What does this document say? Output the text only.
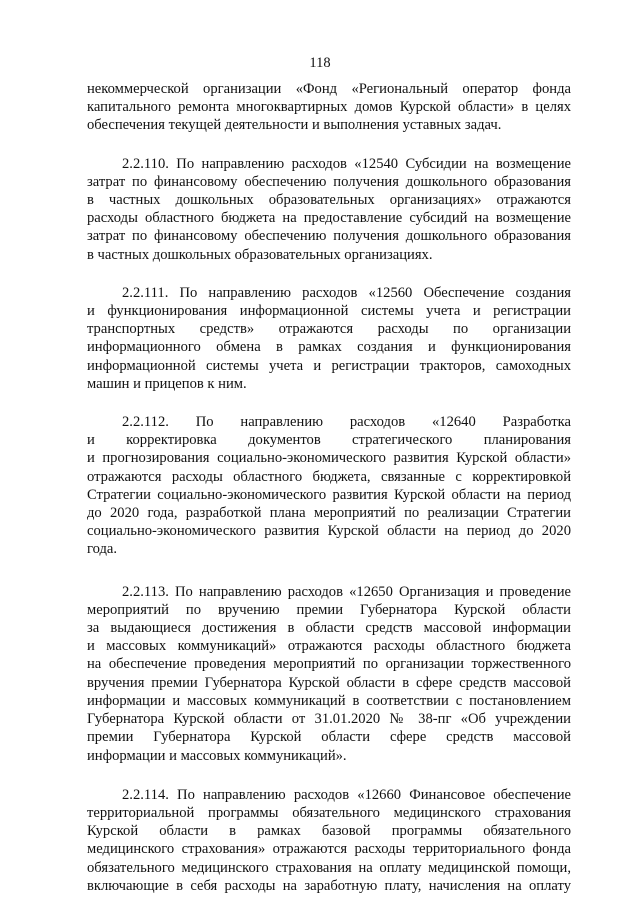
118

некоммерческой организации «Фонд «Региональный оператор фонда
капитального ремонта многоквартирных домов Курской области» в целях
обеспечения текущей деятельности и выполнения уставных задач.

2.2.110. По направлению расходов «12540 Субсидии на возмещение
затрат по финансовому обеспечению получения дошкольного образования
в частных дошкольных образовательных организациях» отражаются
расходы областного бюджета на предоставление субсидий на возмещение
затрат по финансовому обеспечению получения дошкольного образования
в частных дошкольных образовательных организациях.

2.2.111. По направлению расходов «12560 Обеспечение создания
и функционирования информационной системы учета и регистрации
транспортных средств» отражаются расходы по организации
информационного обмена в рамках создания и функционирования
информационной системы учета и регистрации тракторов, самоходных
машин и прицепов к ним.

2.2.112. По направлению расходов «12640 Разработка
и корректировка документов стратегического планирования
и прогнозирования социально-экономического развития Курской области»
отражаются расходы областного бюджета, связанные с корректировкой
Стратегии социально-экономического развития Курской области на период
до 2020 года, разработкой плана мероприятий по реализации Стратегии
социально-экономического развития Курской области на период до 2020
года.

2.2.113. По направлению расходов «12650 Организация и проведение
мероприятий по вручению премии Губернатора Курской области
за выдающиеся достижения в области средств массовой информации
и массовых коммуникаций» отражаются расходы областного бюджета
на обеспечение проведения мероприятий по организации торжественного
вручения премии Губернатора Курской области в сфере средств массовой
информации и массовых коммуникаций в соответствии с постановлением
Губернатора Курской области от 31.01.2020 № 38-пг «Об учреждении
премии Губернатора Курской области сфере средств массовой
информации и массовых коммуникаций».

2.2.114. По направлению расходов «12660 Финансовое обеспечение
территориальной программы обязательного медицинского страхования
Курской области в рамках базовой программы обязательного
медицинского страхования» отражаются расходы территориального фонда
обязательного медицинского страхования на оплату медицинской помощи,
включающие в себя расходы на заработную плату, начисления на оплату
